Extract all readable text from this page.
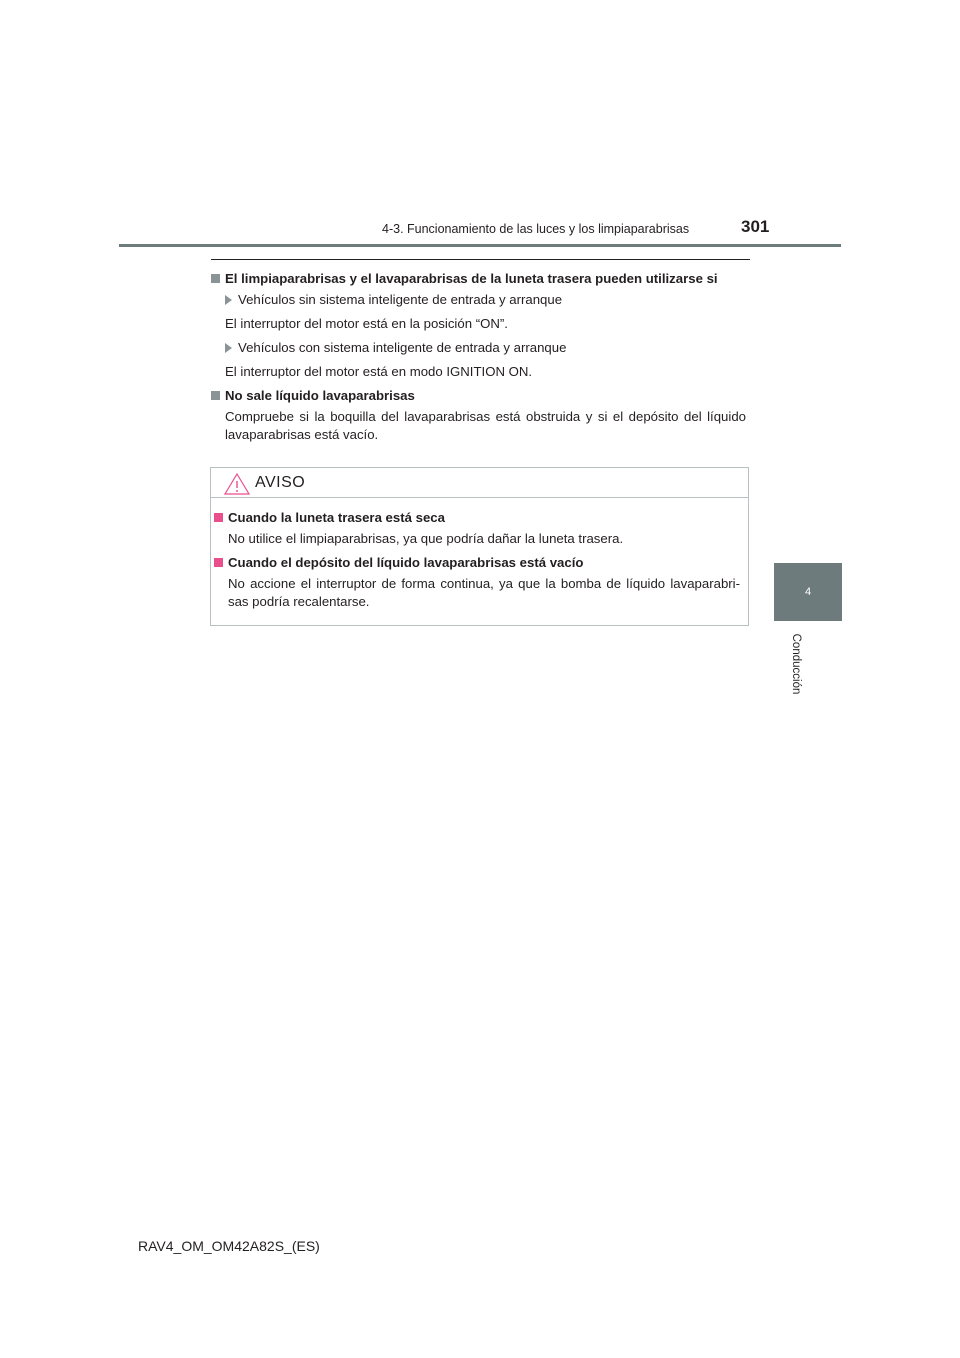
4-3. Funcionamiento de las luces y los limpiaparabrisas	301
4
Conducción
El limpiaparabrisas y el lavaparabrisas de la luneta trasera pueden utilizarse si
Vehículos sin sistema inteligente de entrada y arranque
El interruptor del motor está en la posición “ON”.
Vehículos con sistema inteligente de entrada y arranque
El interruptor del motor está en modo IGNITION ON.
No sale líquido lavaparabrisas
Compruebe si la boquilla del lavaparabrisas está obstruida y si el depósito del líquido
lavaparabrisas está vacío.
AVISO
Cuando la luneta trasera está seca
No utilice el limpiaparabrisas, ya que podría dañar la luneta trasera.
Cuando el depósito del líquido lavaparabrisas está vacío
No accione el interruptor de forma continua, ya que la bomba de líquido lavaparabri-
sas podría recalentarse.
RAV4_OM_OM42A82S_(ES)
